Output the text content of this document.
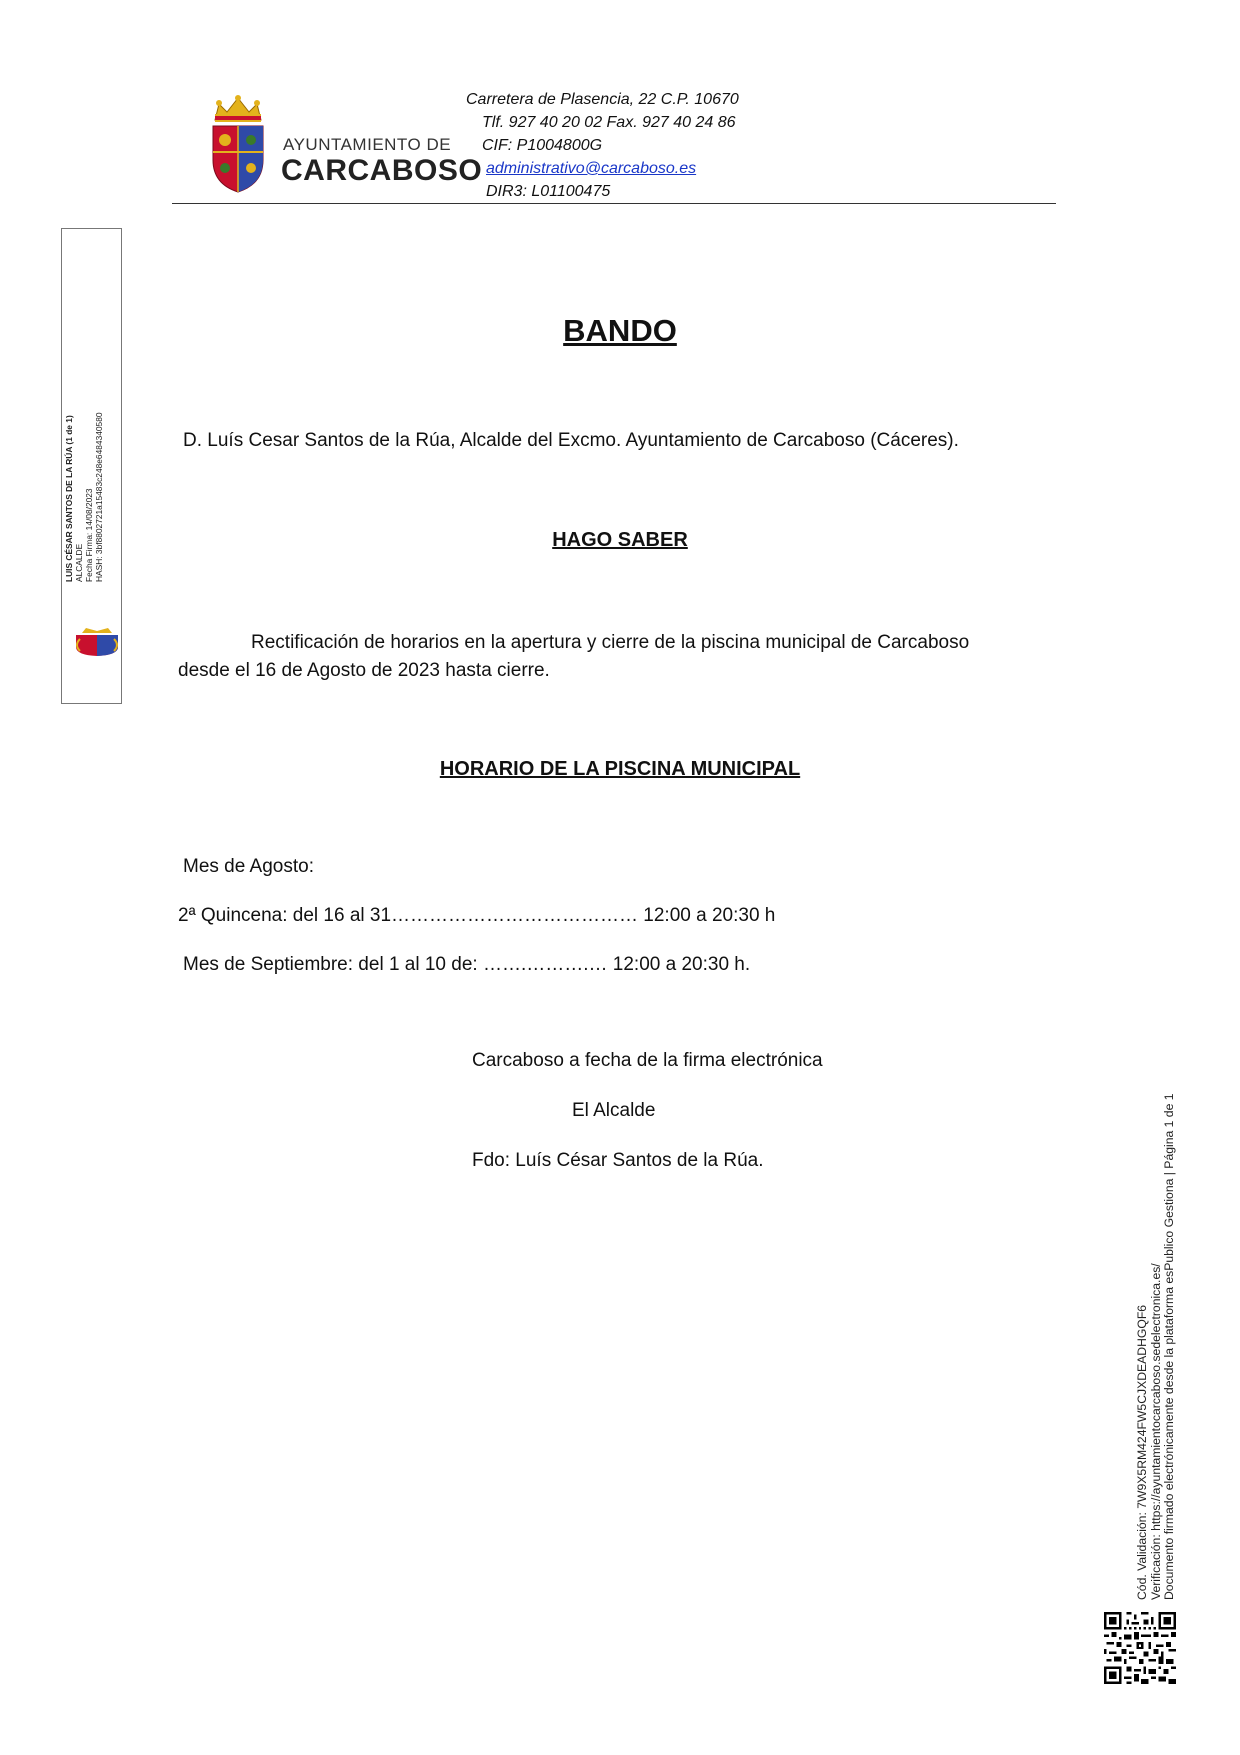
AYUNTAMIENTO DE
CARCABOSO
Carretera de Plasencia, 22 C.P. 10670
Tlf. 927 40 20 02 Fax. 927 40 24 86
CIF: P1004800G
administrativo@carcaboso.es
DIR3: L01100475
LUIS CÉSAR SANTOS DE LA RÚA (1 de 1) ALCALDE Fecha Firma: 14/08/2023 HASH: 3bf8802721a15483c248e6484340580
BANDO
D. Luís Cesar Santos de la Rúa, Alcalde del Excmo. Ayuntamiento de Carcaboso (Cáceres).
HAGO SABER
Rectificación de horarios en la apertura y cierre de la piscina municipal de Carcaboso
desde el 16 de Agosto de 2023 hasta cierre.
HORARIO DE LA PISCINA MUNICIPAL
Mes de Agosto:
2ª Quincena: del 16 al 31………………………………… 12:00 a 20:30 h
Mes de Septiembre: del 1 al 10 de: …….……….… 12:00 a 20:30 h.
Carcaboso a fecha de la firma electrónica
El Alcalde
Fdo: Luís César Santos de la Rúa.
Cód. Validación: 7W9X5RM424FW5CJXDEADHGQF6 Verificación: https://ayuntamientocarcaboso.sedelectronica.es/ Documento firmado electrónicamente desde la plataforma esPublico Gestiona | Página 1 de 1
